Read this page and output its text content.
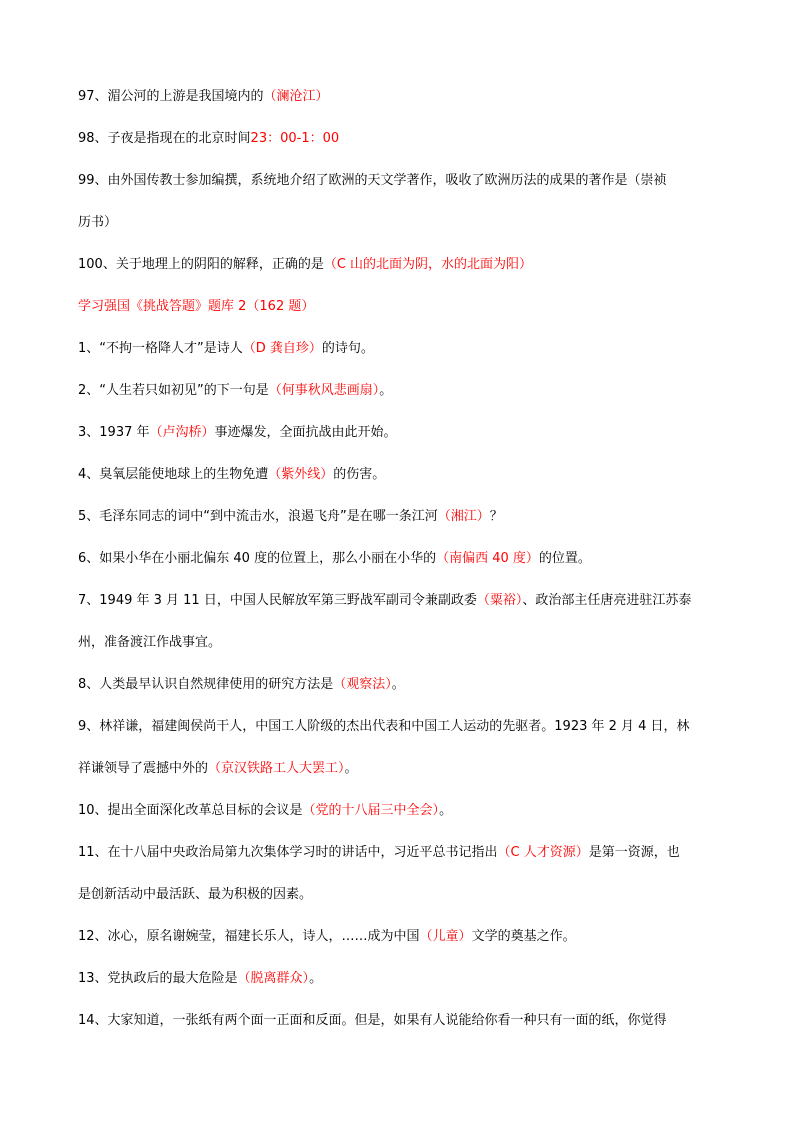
97、湄公河的上游是我国境内的（澜沧江）
98、子夜是指现在的北京时间23：00-1：00
99、由外国传教士参加编撰，系统地介绍了欧洲的天文学著作，吸收了欧洲历法的成果的著作是（崇祯
历书）
100、关于地理上的阴阳的解释，正确的是（C 山的北面为阴，水的北面为阳）
学习强国《挑战答题》题库 2（162 题）
1、“不拘一格降人才”是诗人（D 龚自珍）的诗句。
2、“人生若只如初见”的下一句是（何事秋风悲画扇）。
3、1937 年（卢沟桥）事迹爆发，全面抗战由此开始。
4、臭氧层能使地球上的生物免遭（紫外线）的伤害。
5、毛泽东同志的词中“到中流击水，浪遏飞舟”是在哪一条江河（湘江）？
6、如果小华在小丽北偏东 40 度的位置上，那么小丽在小华的（南偏西 40 度）的位置。
7、1949 年 3 月 11 日，中国人民解放军第三野战军副司令兼副政委（粟裕）、政治部主任唐亮进驻江苏泰
州，准备渡江作战事宜。
8、人类最早认识自然规律使用的研究方法是（观察法）。
9、林祥谦，福建闽侯尚干人，中国工人阶级的杰出代表和中国工人运动的先驱者。1923 年 2 月 4 日，林
祥谦领导了震撼中外的（京汉铁路工人大罢工）。
10、提出全面深化改革总目标的会议是（党的十八届三中全会）。
11、在十八届中央政治局第九次集体学习时的讲话中，习近平总书记指出（C 人才资源）是第一资源，也
是创新活动中最活跃、最为积极的因素。
12、冰心，原名谢婉莹，福建长乐人，诗人，……成为中国（儿童）文学的奠基之作。
13、党执政后的最大危险是（脱离群众）。
14、大家知道，一张纸有两个面一正面和反面。但是，如果有人说能给你看一种只有一面的纸，你觉得
